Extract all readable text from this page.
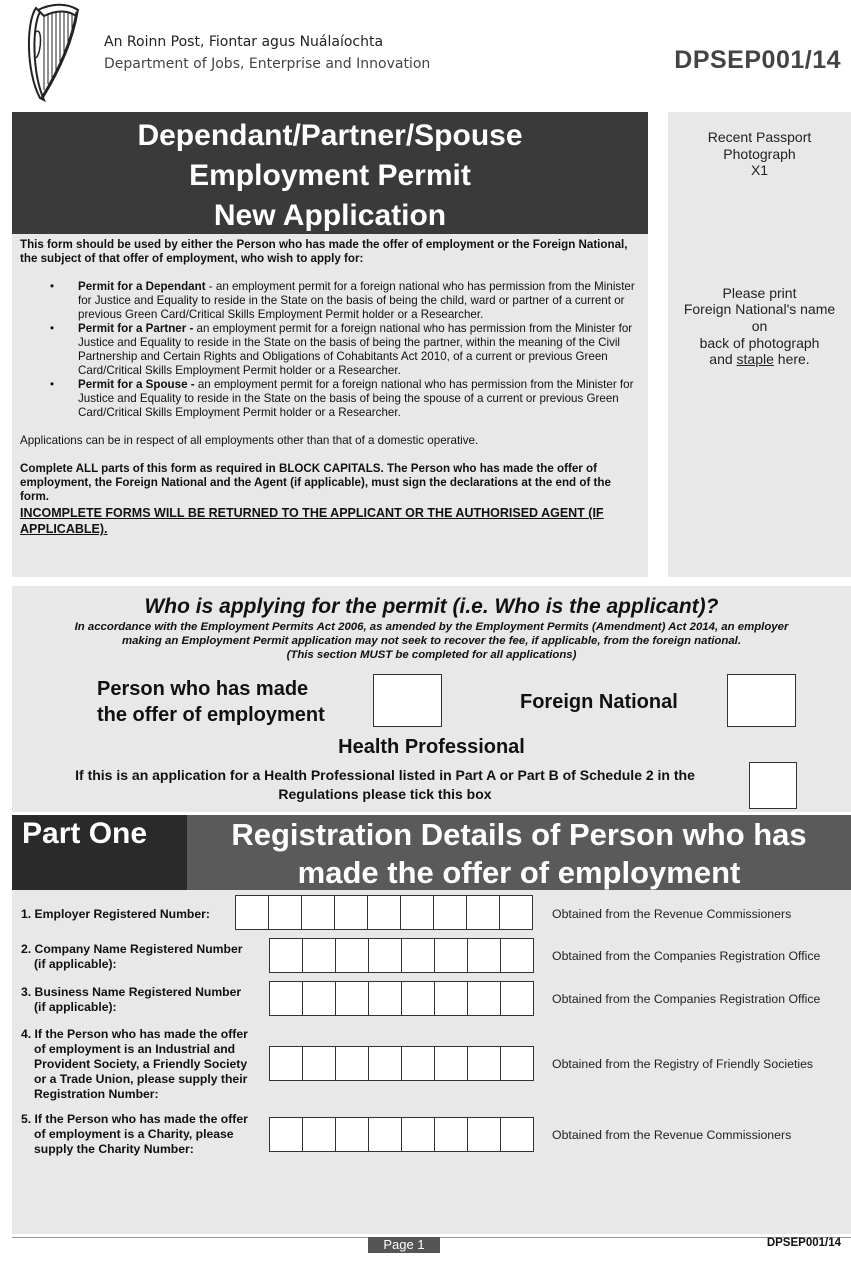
An Roinn Post, Fiontar agus Nuálaíochta
Department of Jobs, Enterprise and Innovation	DPSEP001/14
Dependant/Partner/Spouse
Employment Permit
New Application
This form should be used by either the Person who has made the offer of employment or the Foreign National, the subject of that offer of employment, who wish to apply for:
• Permit for a Dependant - an employment permit for a foreign national who has permission from the Minister for Justice and Equality to reside in the State on the basis of being the child, ward or partner of a current or previous Green Card/Critical Skills Employment Permit holder or a Researcher.
• Permit for a Partner - an employment permit for a foreign national who has permission from the Minister for Justice and Equality to reside in the State on the basis of being the partner, within the meaning of the Civil Partnership and Certain Rights and Obligations of Cohabitants Act 2010, of a current or previous Green Card/Critical Skills Employment Permit holder or a Researcher.
• Permit for a Spouse - an employment permit for a foreign national who has permission from the Minister for Justice and Equality to reside in the State on the basis of being the spouse of a current or previous Green Card/Critical Skills Employment Permit holder or a Researcher.

Applications can be in respect of all employments other than that of a domestic operative.

Complete ALL parts of this form as required in BLOCK CAPITALS. The Person who has made the offer of employment, the Foreign National and the Agent (if applicable), must sign the declarations at the end of the form.

INCOMPLETE FORMS WILL BE RETURNED TO THE APPLICANT OR THE AUTHORISED AGENT (IF APPLICABLE).
Recent Passport
Photograph
X1
Please print
Foreign National's name
on
back of photograph
and staple here.
Who is applying for the permit (i.e. Who is the applicant)?
In accordance with the Employment Permits Act 2006, as amended by the Employment Permits (Amendment) Act 2014, an employer
making an Employment Permit application may not seek to recover the fee, if applicable, from the foreign national.
(This section MUST be completed for all applications)
Person who has made
the offer of employment
Foreign National
Health Professional
If this is an application for a Health Professional listed in Part A or Part B of Schedule 2 in the
Regulations please tick this box
Part One	Registration Details of Person who has
made the offer of employment
1. Employer Registered Number:	Obtained from the Revenue Commissioners
2. Company Name Registered Number
(if applicable):
Obtained from the Companies Registration Office
3. Business Name Registered Number
(if applicable):
Obtained from the Companies Registration Office
4. If the Person who has made the offer
of employment is an Industrial and
Provident Society, a Friendly Society
or a Trade Union, please supply their
Registration Number:
Obtained from the Registry of Friendly Societies
5. If the Person who has made the offer
of employment is a Charity, please
supply the Charity Number:
Obtained from the Revenue Commissioners
Page 1	DPSEP001/14
